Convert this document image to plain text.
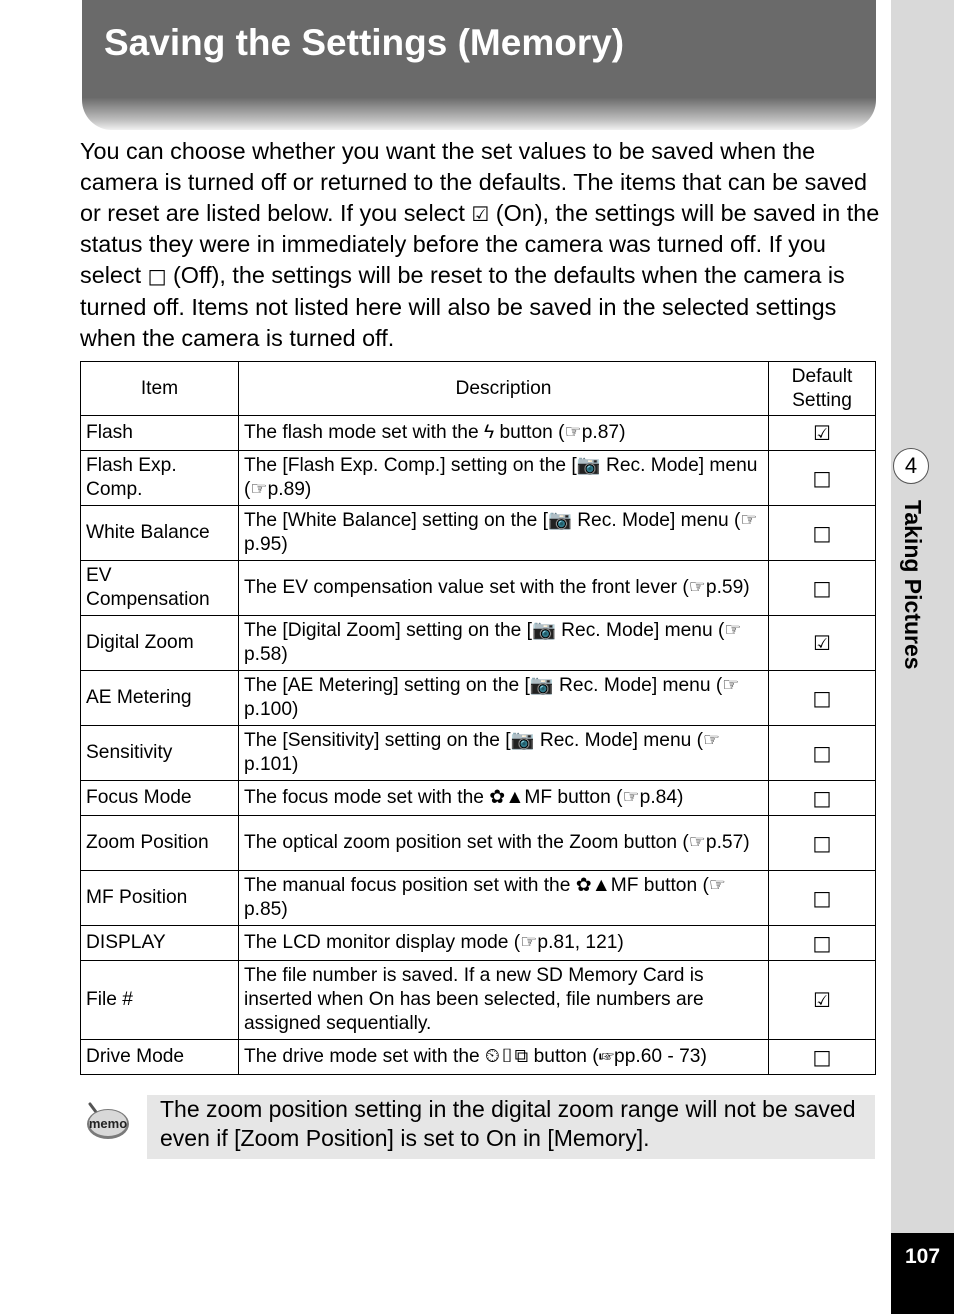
Saving the Settings (Memory)

You can choose whether you want the set values to be saved when the camera is turned off or returned to the defaults. The items that can be saved or reset are listed below. If you select ☑ (On), the settings will be saved in the status they were in immediately before the camera was turned off. If you select □ (Off), the settings will be reset to the defaults when the camera is turned off. Items not listed here will also be saved in the selected settings when the camera is turned off.

Item	Description	Default Setting
Flash	The flash mode set with the ϟ button (☞p.87)	☑
Flash Exp. Comp.	The [Flash Exp. Comp.] setting on the [📷 Rec. Mode] menu (☞p.89)	□
White Balance	The [White Balance] setting on the [📷 Rec. Mode] menu (☞p.95)	□
EV Compensation	The EV compensation value set with the front lever (☞p.59)	□
Digital Zoom	The [Digital Zoom] setting on the [📷 Rec. Mode] menu (☞p.58)	☑
AE Metering	The [AE Metering] setting on the [📷 Rec. Mode] menu (☞p.100)	□
Sensitivity	The [Sensitivity] setting on the [📷 Rec. Mode] menu (☞p.101)	□
Focus Mode	The focus mode set with the ✿▲MF button (☞p.84)	□
Zoom Position	The optical zoom position set with the Zoom button (☞p.57)	□
MF Position	The manual focus position set with the ✿▲MF button (☞p.85)	□
DISPLAY	The LCD monitor display mode (☞p.81, 121)	□
File #	The file number is saved. If a new SD Memory Card is inserted when On has been selected, file numbers are assigned sequentially.	☑
Drive Mode	The drive mode set with the ⏲▯⧉ button (☞pp.60 - 73)	□
memo
The zoom position setting in the digital zoom range will not be saved even if [Zoom Position] is set to On in [Memory].
4
Taking Pictures
107
